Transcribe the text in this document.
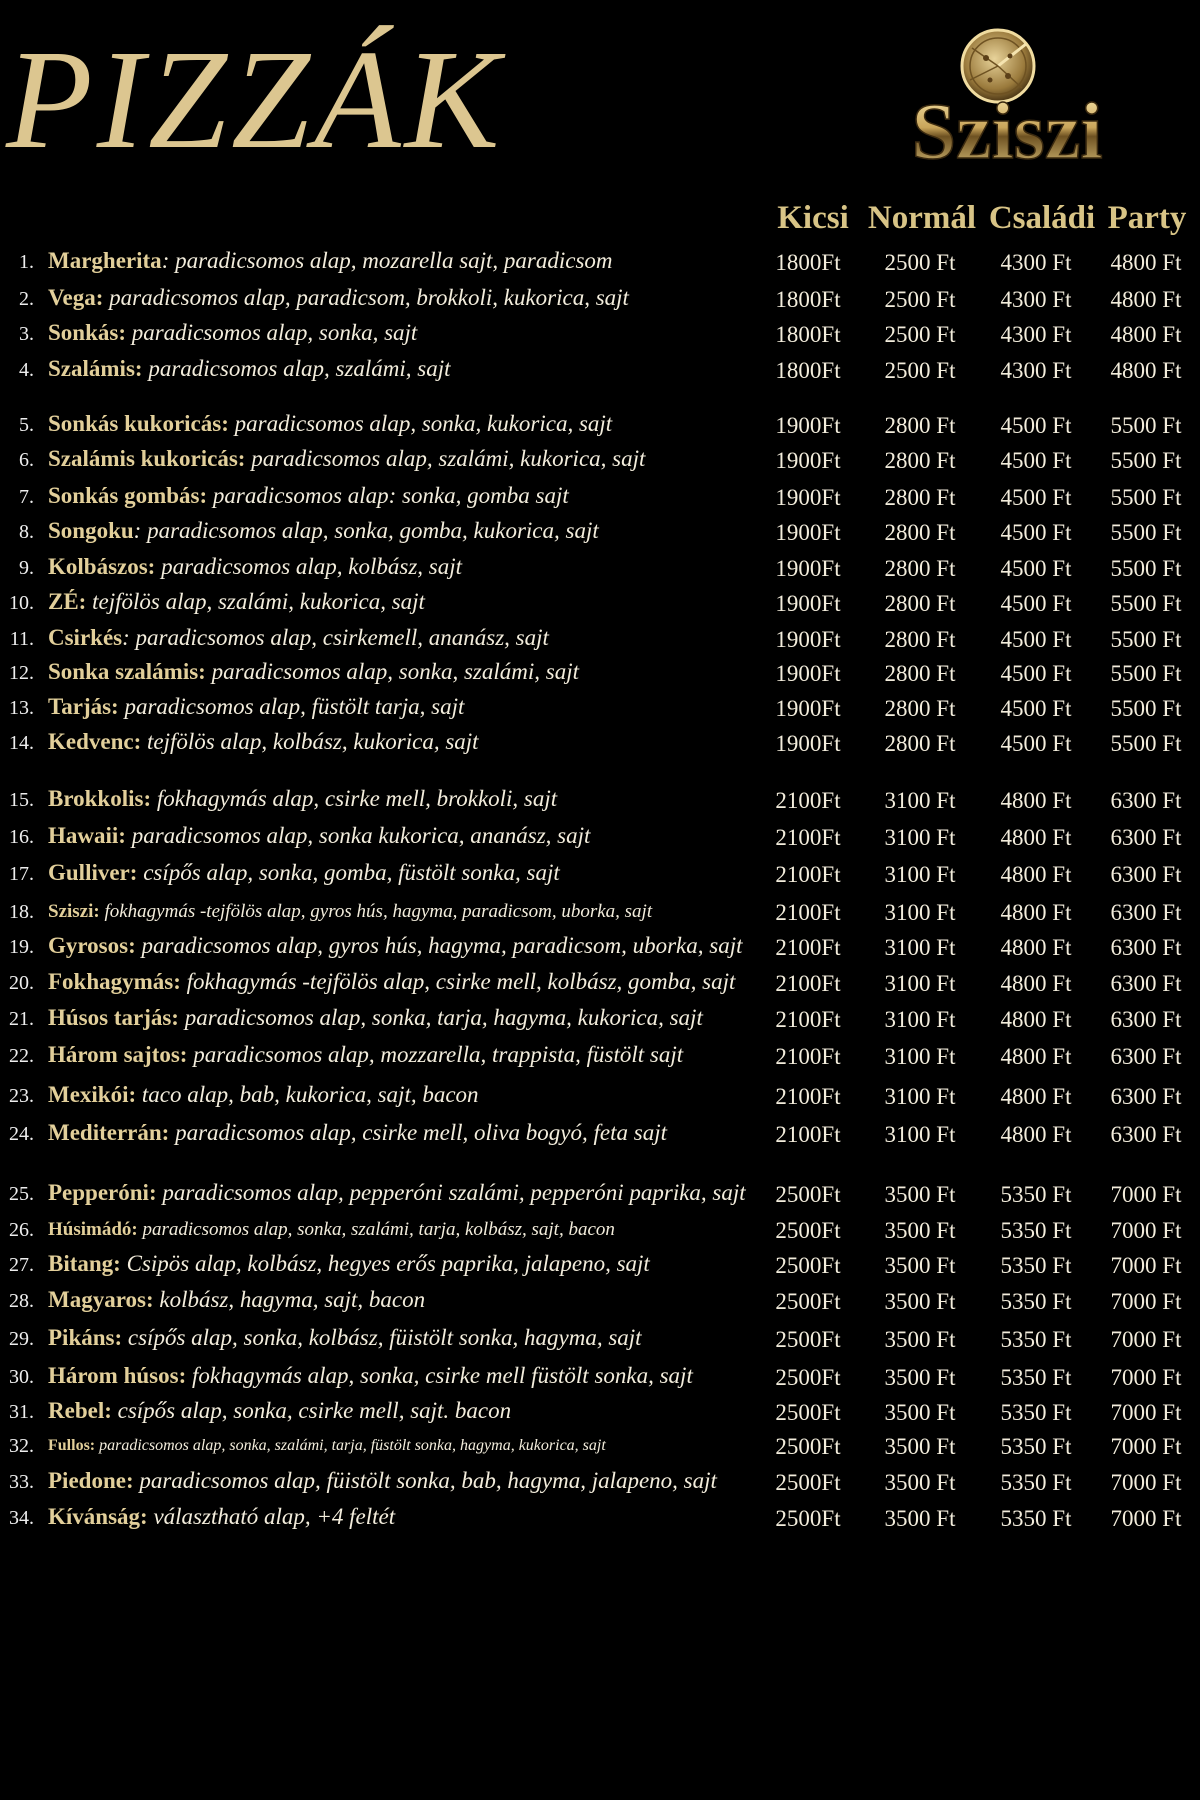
PIZZÁK	Sziszi
Kicsi Normál Családi Party
1. Margherita: paradicsomos alap, mozarella sajt, paradicsom	1800Ft	2500 Ft	4300 Ft	4800 Ft
2. Vega: paradicsomos alap, paradicsom, brokkoli, kukorica, sajt	1800Ft	2500 Ft	4300 Ft	4800 Ft
3. Sonkás: paradicsomos alap, sonka, sajt	1800Ft	2500 Ft	4300 Ft	4800 Ft
4. Szalámis: paradicsomos alap, szalámi, sajt	1800Ft	2500 Ft	4300 Ft	4800 Ft
5. Sonkás kukoricás: paradicsomos alap, sonka, kukorica, sajt	1900Ft	2800 Ft	4500 Ft	5500 Ft
6. Szalámis kukoricás: paradicsomos alap, szalámi, kukorica, sajt	1900Ft	2800 Ft	4500 Ft	5500 Ft
7. Sonkás gombás: paradicsomos alap: sonka, gomba sajt	1900Ft	2800 Ft	4500 Ft	5500 Ft
8. Songoku: paradicsomos alap, sonka, gomba, kukorica, sajt	1900Ft	2800 Ft	4500 Ft	5500 Ft
9. Kolbászos: paradicsomos alap, kolbász, sajt	1900Ft	2800 Ft	4500 Ft	5500 Ft
10. ZÉ: tejfölös alap, szalámi, kukorica, sajt	1900Ft	2800 Ft	4500 Ft	5500 Ft
11. Csirkés: paradicsomos alap, csirkemell, ananász, sajt	1900Ft	2800 Ft	4500 Ft	5500 Ft
12. Sonka szalámis: paradicsomos alap, sonka, szalámi, sajt	1900Ft	2800 Ft	4500 Ft	5500 Ft
13. Tarjás: paradicsomos alap, füstölt tarja, sajt	1900Ft	2800 Ft	4500 Ft	5500 Ft
14. Kedvenc: tejfölös alap, kolbász, kukorica, sajt	1900Ft	2800 Ft	4500 Ft	5500 Ft
15. Brokkolis: fokhagymás alap, csirke mell, brokkoli, sajt	2100Ft	3100 Ft	4800 Ft	6300 Ft
16. Hawaii: paradicsomos alap, sonka kukorica, ananász, sajt	2100Ft	3100 Ft	4800 Ft	6300 Ft
17. Gulliver: csípős alap, sonka, gomba, füstölt sonka, sajt	2100Ft	3100 Ft	4800 Ft	6300 Ft
18. Sziszi: fokhagymás -tejfölös alap, gyros hús, hagyma, paradicsom, uborka, sajt	2100Ft	3100 Ft	4800 Ft	6300 Ft
19. Gyrosos: paradicsomos alap, gyros hús, hagyma, paradicsom, uborka, sajt	2100Ft	3100 Ft	4800 Ft	6300 Ft
20. Fokhagymás: fokhagymás -tejfölös alap, csirke mell, kolbász, gomba, sajt	2100Ft	3100 Ft	4800 Ft	6300 Ft
21. Húsos tarjás: paradicsomos alap, sonka, tarja, hagyma, kukorica, sajt	2100Ft	3100 Ft	4800 Ft	6300 Ft
22. Három sajtos: paradicsomos alap, mozzarella, trappista, füstölt sajt	2100Ft	3100 Ft	4800 Ft	6300 Ft
23. Mexikói: taco alap, bab, kukorica, sajt, bacon	2100Ft	3100 Ft	4800 Ft	6300 Ft
24. Mediterrán: paradicsomos alap, csirke mell, oliva bogyó, feta sajt	2100Ft	3100 Ft	4800 Ft	6300 Ft
25. Pepperóni: paradicsomos alap, pepperóni szalámi, pepperóni paprika, sajt	2500Ft	3500 Ft	5350 Ft	7000 Ft
26. Húsimádó: paradicsomos alap, sonka, szalámi, tarja, kolbász, sajt, bacon	2500Ft	3500 Ft	5350 Ft	7000 Ft
27. Bitang: Csipös alap, kolbász, hegyes erős paprika, jalapeno, sajt	2500Ft	3500 Ft	5350 Ft	7000 Ft
28. Magyaros: kolbász, hagyma, sajt, bacon	2500Ft	3500 Ft	5350 Ft	7000 Ft
29. Pikáns: csípős alap, sonka, kolbász, füistölt sonka, hagyma, sajt	2500Ft	3500 Ft	5350 Ft	7000 Ft
30. Három húsos: fokhagymás alap, sonka, csirke mell füstölt sonka, sajt	2500Ft	3500 Ft	5350 Ft	7000 Ft
31. Rebel: csípős alap, sonka, csirke mell, sajt. bacon	2500Ft	3500 Ft	5350 Ft	7000 Ft
32. Fullos: paradicsomos alap, sonka, szalámi, tarja, füstölt sonka, hagyma, kukorica, sajt	2500Ft	3500 Ft	5350 Ft	7000 Ft
33. Piedone: paradicsomos alap, füistölt sonka, bab, hagyma, jalapeno, sajt	2500Ft	3500 Ft	5350 Ft	7000 Ft
34. Kívánság: választható alap, +4 feltét	2500Ft	3500 Ft	5350 Ft	7000 Ft
